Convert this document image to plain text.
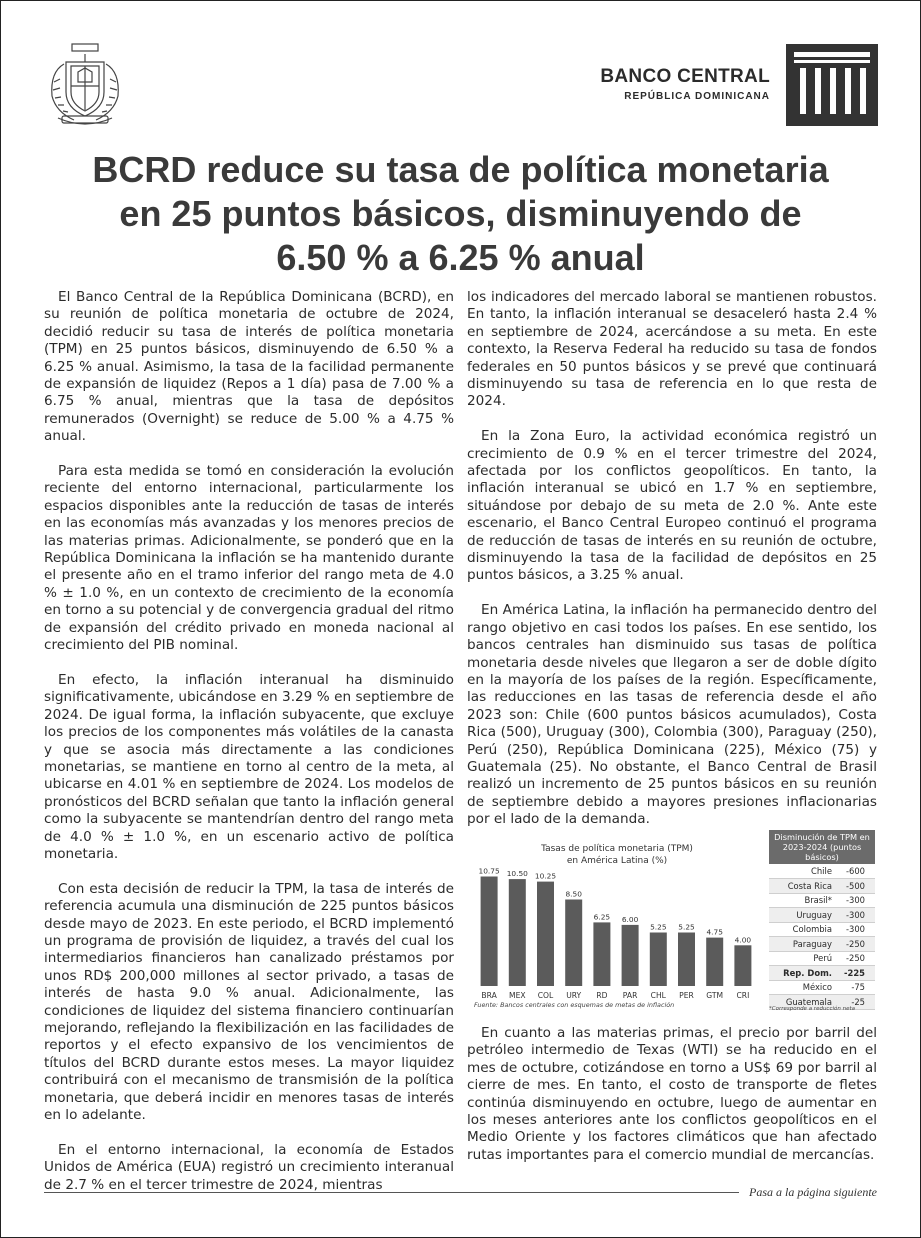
BANCO CENTRAL
REPÚBLICA DOMINICANA
BCRD reduce su tasa de política monetaria
en 25 puntos básicos, disminuyendo de
6.50 % a 6.25 % anual

El Banco Central de la República Dominicana (BCRD), en su reunión de política monetaria de octubre de 2024, decidió reducir su tasa de interés de política monetaria (TPM) en 25 puntos básicos, disminuyendo de 6.50 % a 6.25 % anual. Asimismo, la tasa de la facilidad permanente de expansión de liquidez (Repos a 1 día) pasa de 7.00 % a 6.75 % anual, mientras que la tasa de depósitos remunerados (Overnight) se reduce de 5.00 % a 4.75 % anual.

Para esta medida se tomó en consideración la evolución reciente del entorno internacional, particularmente los espacios disponibles ante la reducción de tasas de interés en las economías más avanzadas y los menores precios de las materias primas. Adicionalmente, se ponderó que en la República Dominicana la inflación se ha mantenido durante el presente año en el tramo inferior del rango meta de 4.0 % ± 1.0 %, en un contexto de crecimiento de la economía en torno a su potencial y de convergencia gradual del ritmo de expansión del crédito privado en moneda nacional al crecimiento del PIB nominal.

En efecto, la inflación interanual ha disminuido significativamente, ubicándose en 3.29 % en septiembre de 2024. De igual forma, la inflación subyacente, que excluye los precios de los componentes más volátiles de la canasta y que se asocia más directamente a las condiciones monetarias, se mantiene en torno al centro de la meta, al ubicarse en 4.01 % en septiembre de 2024. Los modelos de pronósticos del BCRD señalan que tanto la inflación general como la subyacente se mantendrían dentro del rango meta de 4.0 % ± 1.0 %, en un escenario activo de política monetaria.

Con esta decisión de reducir la TPM, la tasa de interés de referencia acumula una disminución de 225 puntos básicos desde mayo de 2023. En este periodo, el BCRD implementó un programa de provisión de liquidez, a través del cual los intermediarios financieros han canalizado préstamos por unos RD$ 200,000 millones al sector privado, a tasas de interés de hasta 9.0 % anual. Adicionalmente, las condiciones de liquidez del sistema financiero continuarían mejorando, reflejando la flexibilización en las facilidades de reportos y el efecto expansivo de los vencimientos de títulos del BCRD durante estos meses. La mayor liquidez contribuirá con el mecanismo de transmisión de la política monetaria, que deberá incidir en menores tasas de interés en lo adelante.

En el entorno internacional, la economía de Estados Unidos de América (EUA) registró un crecimiento interanual de 2.7 % en el tercer trimestre de 2024, mientras

los indicadores del mercado laboral se mantienen robustos. En tanto, la inflación interanual se desaceleró hasta 2.4 % en septiembre de 2024, acercándose a su meta. En este contexto, la Reserva Federal ha reducido su tasa de fondos federales en 50 puntos básicos y se prevé que continuará disminuyendo su tasa de referencia en lo que resta de 2024.

En la Zona Euro, la actividad económica registró un crecimiento de 0.9 % en el tercer trimestre del 2024, afectada por los conflictos geopolíticos. En tanto, la inflación interanual se ubicó en 1.7 % en septiembre, situándose por debajo de su meta de 2.0 %. Ante este escenario, el Banco Central Europeo continuó el programa de reducción de tasas de interés en su reunión de octubre, disminuyendo la tasa de la facilidad de depósitos en 25 puntos básicos, a 3.25 % anual.

En América Latina, la inflación ha permanecido dentro del rango objetivo en casi todos los países. En ese sentido, los bancos centrales han disminuido sus tasas de política monetaria desde niveles que llegaron a ser de doble dígito en la mayoría de los países de la región. Específicamente, las reducciones en las tasas de referencia desde el año 2023 son: Chile (600 puntos básicos acumulados), Costa Rica (500), Uruguay (300), Colombia (300), Paraguay (250), Perú (250), República Dominicana (225), México (75) y Guatemala (25). No obstante, el Banco Central de Brasil realizó un incremento de 25 puntos básicos en su reunión de septiembre debido a mayores presiones inflacionarias por el lado de la demanda.

Tasas de política monetaria (TPM)
en América Latina (%)
10.75
BRA
10.50
MEX
10.25
COL
8.50
URY
6.25
RD
6.00
PAR
5.25
CHL
5.25
PER
4.75
GTM
4.00
CRI
Fuente: Bancos centrales con esquemas de metas de inflación
Disminución de TPM en 2023-2024 (puntos básicos)	
Chile	-600
Costa Rica	-500
Brasil*	-300
Uruguay	-300
Colombia	-300
Paraguay	-250
Perú	-250
Rep. Dom.	-225
México	-75
Guatemala	-25
*Corresponde a reducción neta

En cuanto a las materias primas, el precio por barril del petróleo intermedio de Texas (WTI) se ha reducido en el mes de octubre, cotizándose en torno a US$ 69 por barril al cierre de mes. En tanto, el costo de transporte de fletes continúa disminuyendo en octubre, luego de aumentar en los meses anteriores ante los conflictos geopolíticos en el Medio Oriente y los factores climáticos que han afectado rutas importantes para el comercio mundial de mercancías.

Pasa a la página siguiente
